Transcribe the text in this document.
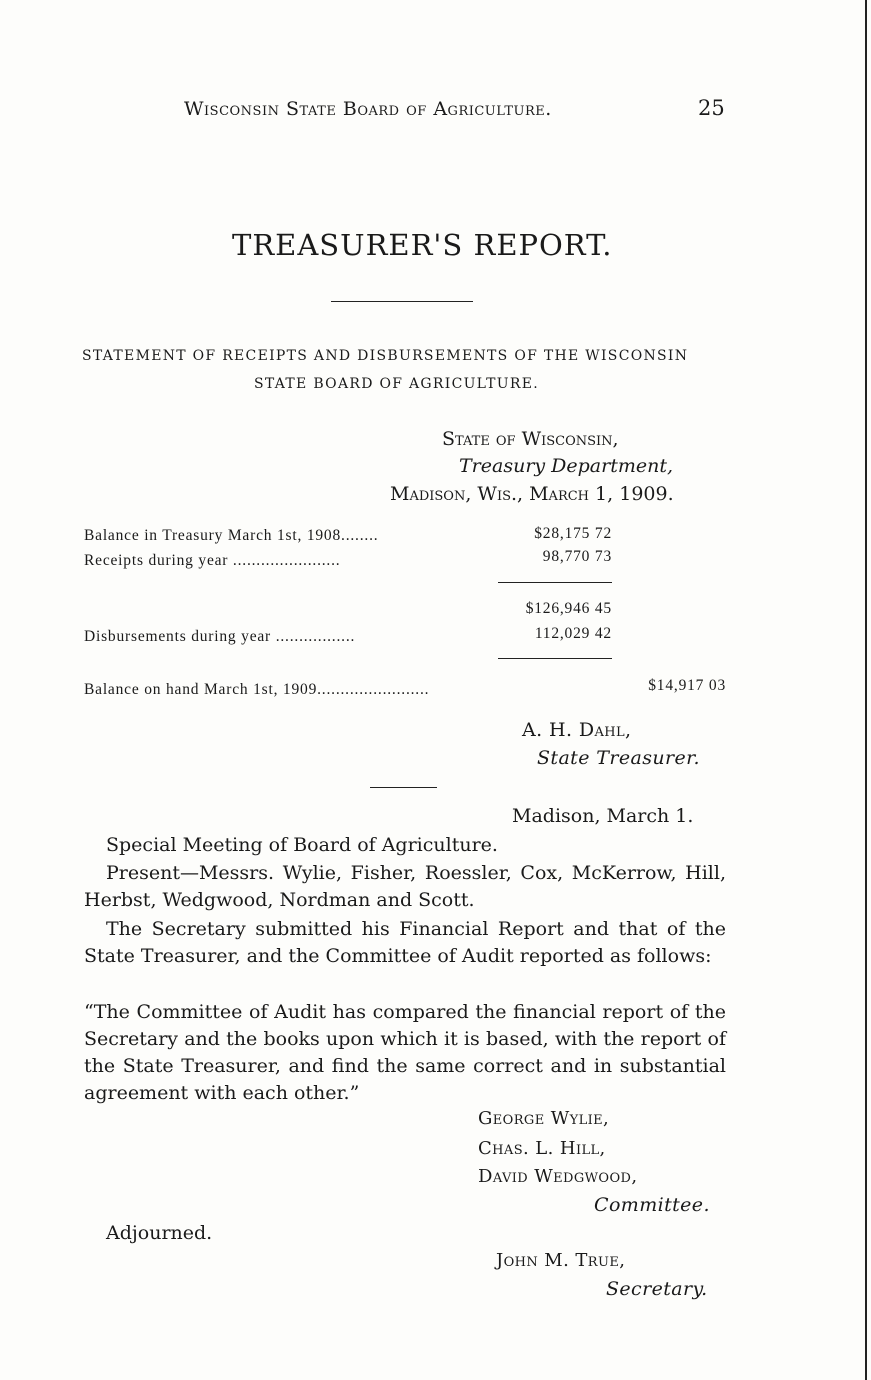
Wisconsin State Board of Agriculture.	25
TREASURER'S REPORT.
STATEMENT OF RECEIPTS AND DISBURSEMENTS OF THE WISCONSIN
STATE BOARD OF AGRICULTURE.
State of Wisconsin,
Treasury Department,
Madison, Wis., March 1, 1909.
Balance in Treasury March 1st, 1908........	$28,175 72
Receipts during year .......................	98,770 73
$126,946 45
Disbursements during year .................	112,029 42
Balance on hand March 1st, 1909........................	$14,917 03
A. H. Dahl,
State Treasurer.
Madison, March 1.
Special Meeting of Board of Agriculture.
Present—Messrs. Wylie, Fisher, Roessler, Cox, McKerrow, Hill, Herbst, Wedgwood, Nordman and Scott.
The Secretary submitted his Financial Report and that of the State Treasurer, and the Committee of Audit reported as follows:
“The Committee of Audit has compared the financial report of the Secretary and the books upon which it is based, with the report of the State Treasurer, and find the same correct and in substantial agreement with each other.”
George Wylie,
Chas. L. Hill,
David Wedgwood,
Committee.
Adjourned.
John M. True,
Secretary.
